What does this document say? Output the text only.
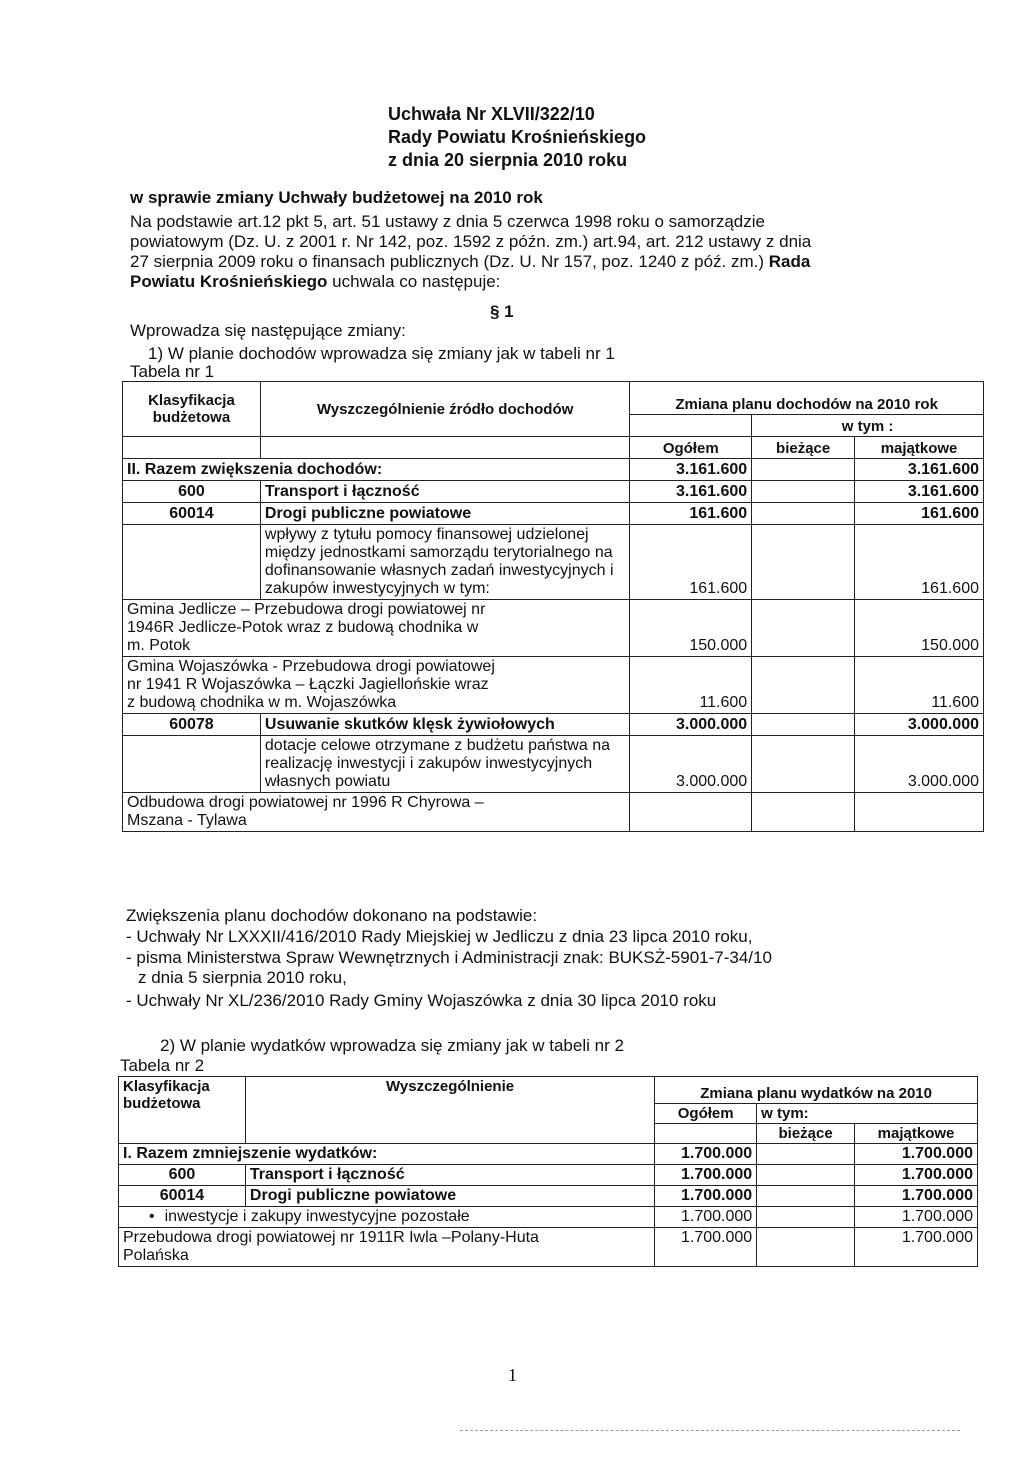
Uchwała Nr XLVII/322/10
Rady Powiatu Krośnieńskiego
z dnia 20 sierpnia 2010 roku
w sprawie zmiany Uchwały budżetowej na 2010 rok
Na podstawie art.12 pkt 5, art. 51 ustawy z dnia 5 czerwca 1998 roku o samorządzie
powiatowym (Dz. U. z 2001 r. Nr 142, poz. 1592 z późn. zm.) art.94, art. 212 ustawy z dnia
27 sierpnia 2009 roku o finansach publicznych (Dz. U. Nr 157, poz. 1240 z póź. zm.) Rada
Powiatu Krośnieńskiego uchwala co następuje:
§ 1
Wprowadza się następujące zmiany:
1) W planie dochodów wprowadza się zmiany jak w tabeli nr 1
Tabela nr 1
Klasyfikacja
budżetowa	Wyszczególnienie źródło dochodów	Zmiana planu dochodów na 2010 rok		
			w tym :	
		Ogółem	bieżące	majątkowe
II. Razem zwiększenia dochodów:		3.161.600		3.161.600
600	Transport i łączność	3.161.600		3.161.600
60014	Drogi publiczne powiatowe	161.600		161.600
	wpływy z tytułu pomocy finansowej udzielonej między jednostkami samorządu terytorialnego na dofinansowanie własnych zadań inwestycyjnych i zakupów inwestycyjnych w tym:	161.600		161.600
Gmina Jedlicze – Przebudowa drogi powiatowej nr 1946R Jedlicze-Potok wraz z budową chodnika w m. Potok		150.000		150.000
Gmina Wojaszówka - Przebudowa drogi powiatowej nr 1941 R Wojaszówka – Łączki Jagiellońskie wraz z budową chodnika w m. Wojaszówka		11.600		11.600
60078	Usuwanie skutków klęsk żywiołowych	3.000.000		3.000.000
	dotacje celowe otrzymane z budżetu państwa na realizację inwestycji i zakupów inwestycyjnych własnych powiatu	3.000.000		3.000.000
Odbudowa drogi powiatowej nr 1996 R Chyrowa – Mszana - Tylawa				
Zwiększenia planu dochodów dokonano na podstawie:
- Uchwały Nr LXXXII/416/2010 Rady Miejskiej w Jedliczu z dnia 23 lipca 2010 roku,
- pisma Ministerstwa Spraw Wewnętrznych i Administracji znak: BUKSŻ-5901-7-34/10
z dnia 5 sierpnia 2010 roku,
- Uchwały Nr XL/236/2010 Rady Gminy Wojaszówka z dnia 30 lipca 2010 roku
2) W planie wydatków wprowadza się zmiany jak w tabeli nr 2
Tabela nr 2
Klasyfikacja
budżetowa	Wyszczególnienie	Zmiana planu wydatków na 2010		
		Ogółem	w tym:	
			bieżące	majątkowe
I. Razem zmniejszenie wydatków:		1.700.000		1.700.000
600	Transport i łączność	1.700.000		1.700.000
60014	Drogi publiczne powiatowe	1.700.000		1.700.000
• inwestycje i zakupy inwestycyjne pozostałe		1.700.000		1.700.000
Przebudowa drogi powiatowej nr 1911R Iwla –Polany-Huta Polańska		1.700.000		1.700.000
1
